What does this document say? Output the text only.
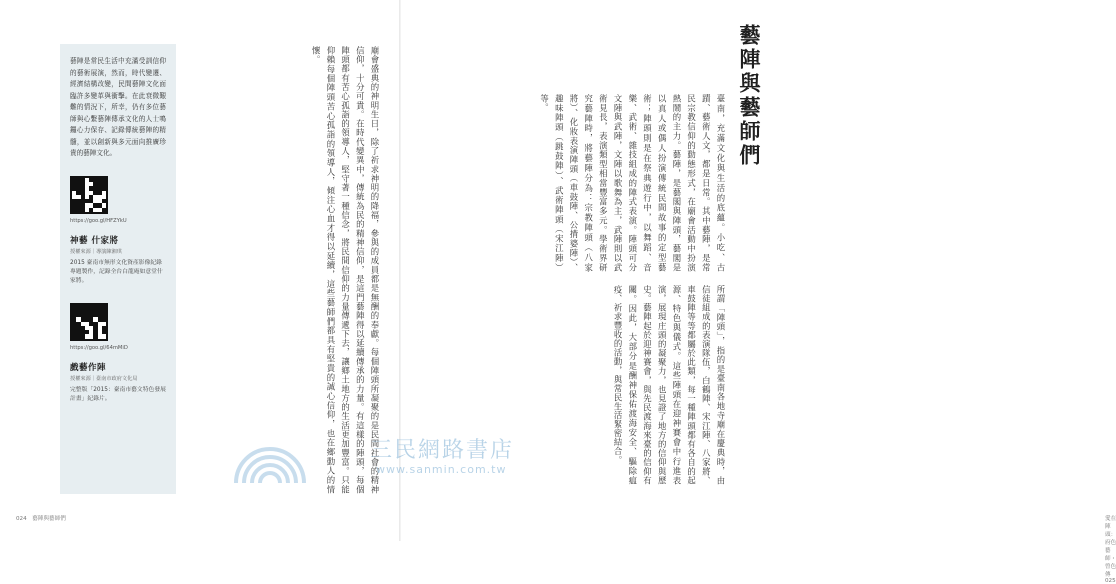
藝陣是常民生活中充滿受訓信仰的藝術展演，然而，時代變遷、經濟結構改變，民間藝陣文化面臨許多變革與衝擊。在此衰微艱難的情況下，所幸，仍有多位藝師與心繫藝陣傳承文化的人士鳴鑼心力保存、記錄傳統藝陣的精髓，並以創新與多元面向推廣珍貴的藝陣文化。

https://goo.gl/HFZYkU
神藝 什家將
授權來源｜導演陳湘琪
2015 臺南市無形文化資產影像紀錄專題製作，記錄全台白龍庵如意堂什家將。
https://goo.gl/64mMiD
戲藝作陣
授權來源｜臺南市政府文化局
完整版「2015：臺南市藝文特色發展計畫」紀錄片。	廟會盛典的神明生日，除了祈求神明的降福，參與的成員都是無酬的奉獻。每個陣頭所凝聚的是民間社會的精神信仰，十分可貴。在時代變異中，傳統為民的精神信仰，是這門藝陣得以延續傳承的力量。有這樣的陣頭，每個陣頭都有苦心孤詣的領導人，堅守著一種信念，將民間信仰的力量傳遞下去，讓鄉土地方的生活更加豐富。只能仰賴每個陣頭苦心孤詣的領導人，傾注心血才得以延續，這些藝師們都具有堅貴的誠心信仰，也在鄉動人的情懷。
024　藝陣與藝師們	愛在陣頭：府色藝師・曾色傳　025
藝陣與藝師們
臺南，充滿文化與生活的底蘊。小吃、古蹟、藝術人文，都是日常。其中藝陣，是常民宗教信仰的動態形式，在廟會活動中扮演熱鬧的主力。藝陣，是藝閣與陣頭，藝閣是以真人或偶人扮演傳統民間故事的定型藝術；陣頭則是在祭典遊行中，以舞蹈、音樂、武術、雜技組成的陣式表演。陣頭可分文陣與武陣，文陣以歌舞為主，武陣則以武術見長，表演類型相當豐富多元。學術界研究藝陣時，將藝陣分為：宗教陣頭（八家將）、化妝表演陣頭（車鼓陣、公揹婆陣）、趣味陣頭（跳鼓陣）、武術陣頭（宋江陣）等。
所謂「陣頭」，指的是臺南各地寺廟在慶典時，由信徒組成的表演隊伍，白鶴陣、宋江陣、八家將、車鼓陣等等都屬於此類，每一種陣頭都有各自的起源、特色與儀式。這些陣頭在迎神賽會中行進表演，展現庄頭的凝聚力，也見證了地方的信仰與歷史。藝陣起於迎神賽會，與先民渡海來臺的信仰有關。因此，大部分是酬神保佑渡海安全、驅除瘟疫、祈求豐收的活動，與常民生活緊密結合。
三民網路書店
www.sanmin.com.tw
